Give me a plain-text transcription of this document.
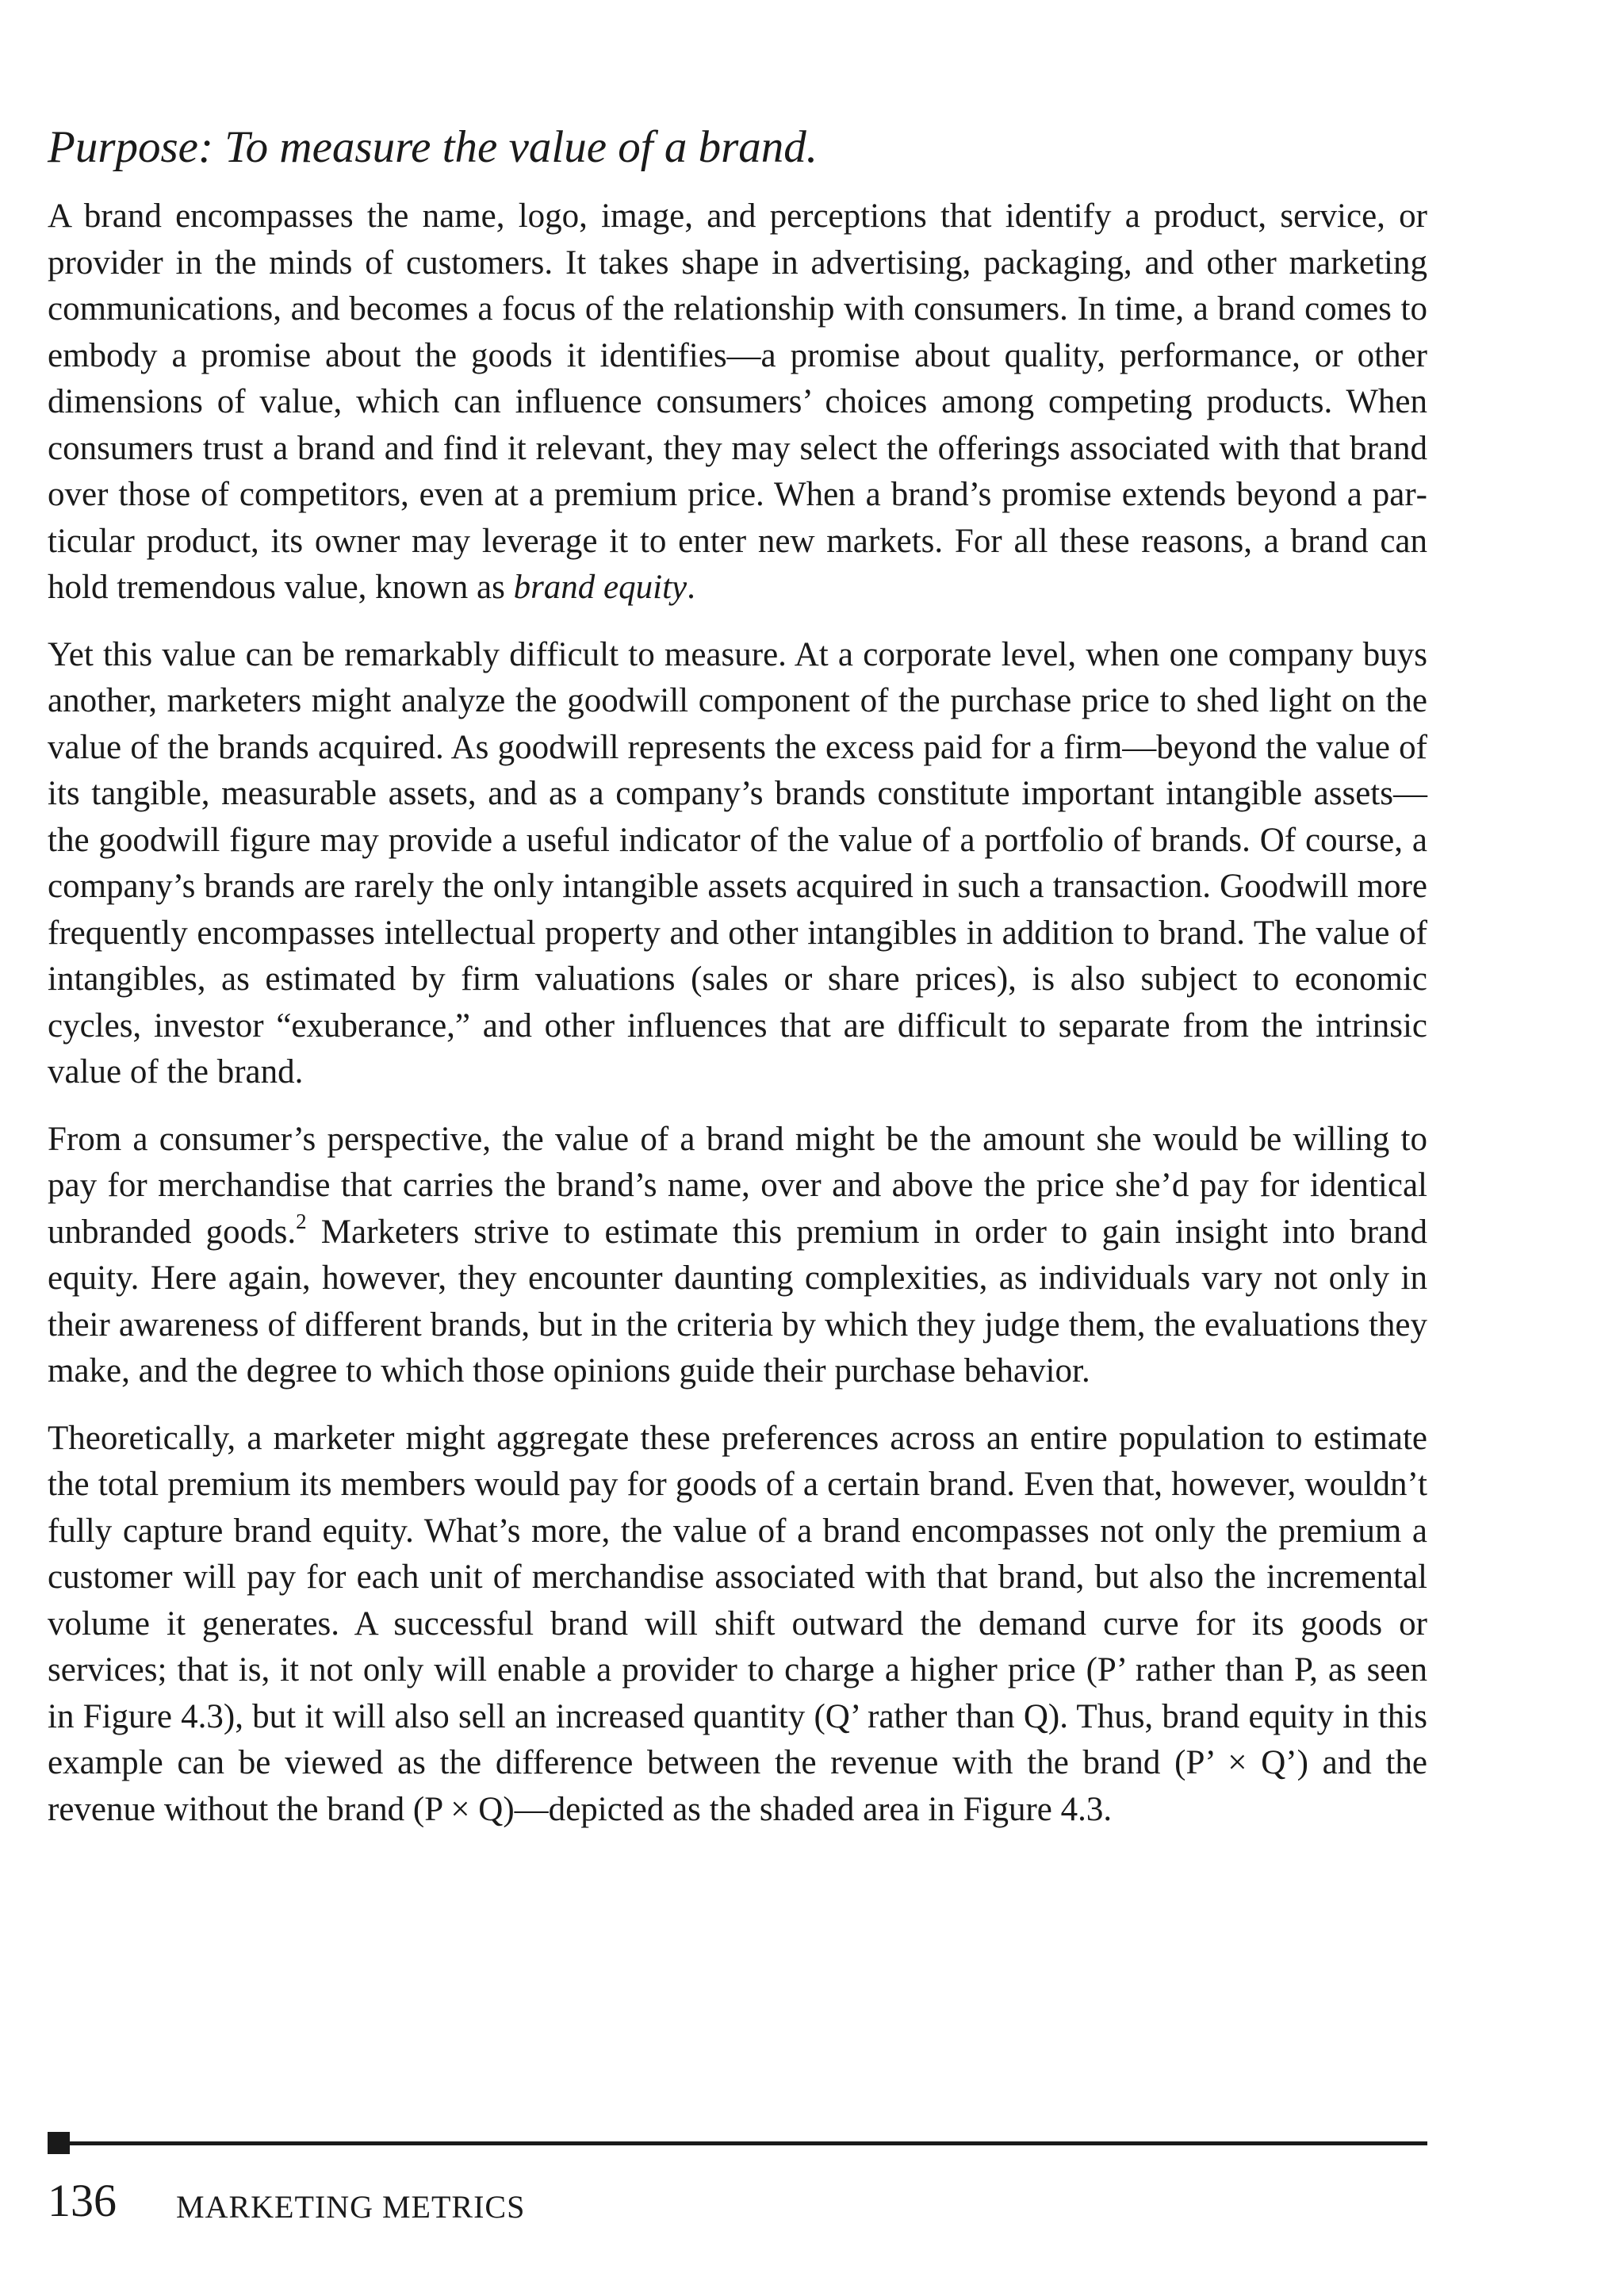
Purpose: To measure the value of a brand.

A brand encompasses the name, logo, image, and perceptions that identify a product, service, or provider in the minds of customers. It takes shape in advertising, packaging, and other marketing communications, and becomes a focus of the relationship with consumers. In time, a brand comes to embody a promise about the goods it identifies—a promise about quality, performance, or other dimensions of value, which can influence consumers’ choices among competing products. When consumers trust a brand and find it relevant, they may select the offerings associated with that brand over those of competitors, even at a premium price. When a brand’s promise extends beyond a particular product, its owner may leverage it to enter new markets. For all these reasons, a brand can hold tremendous value, known as brand equity.

Yet this value can be remarkably difficult to measure. At a corporate level, when one company buys another, marketers might analyze the goodwill component of the purchase price to shed light on the value of the brands acquired. As goodwill represents the excess paid for a firm—beyond the value of its tangible, measurable assets, and as a company’s brands constitute important intangible assets—the goodwill figure may provide a useful indicator of the value of a portfolio of brands. Of course, a company’s brands are rarely the only intangible assets acquired in such a transaction. Goodwill more frequently encompasses intellectual property and other intangibles in addition to brand. The value of intangibles, as estimated by firm valuations (sales or share prices), is also subject to economic cycles, investor “exuberance,” and other influences that are difficult to separate from the intrinsic value of the brand.

From a consumer’s perspective, the value of a brand might be the amount she would be willing to pay for merchandise that carries the brand’s name, over and above the price she’d pay for identical unbranded goods.$^2$ Marketers strive to estimate this premium in order to gain insight into brand equity. Here again, however, they encounter daunting complexities, as individuals vary not only in their awareness of different brands, but in the criteria by which they judge them, the evaluations they make, and the degree to which those opinions guide their purchase behavior.

Theoretically, a marketer might aggregate these preferences across an entire population to estimate the total premium its members would pay for goods of a certain brand. Even that, however, wouldn’t fully capture brand equity. What’s more, the value of a brand encompasses not only the premium a customer will pay for each unit of merchandise associated with that brand, but also the incremental volume it generates. A successful brand will shift outward the demand curve for its goods or services; that is, it not only will enable a provider to charge a higher price (P’ rather than P, as seen in Figure 4.3), but it will also sell an increased quantity (Q’ rather than Q). Thus, brand equity in this example can be viewed as the difference between the revenue with the brand (P’ × Q’) and the revenue without the brand (P × Q)—depicted as the shaded area in Figure 4.3.

136 MARKETING METRICS
